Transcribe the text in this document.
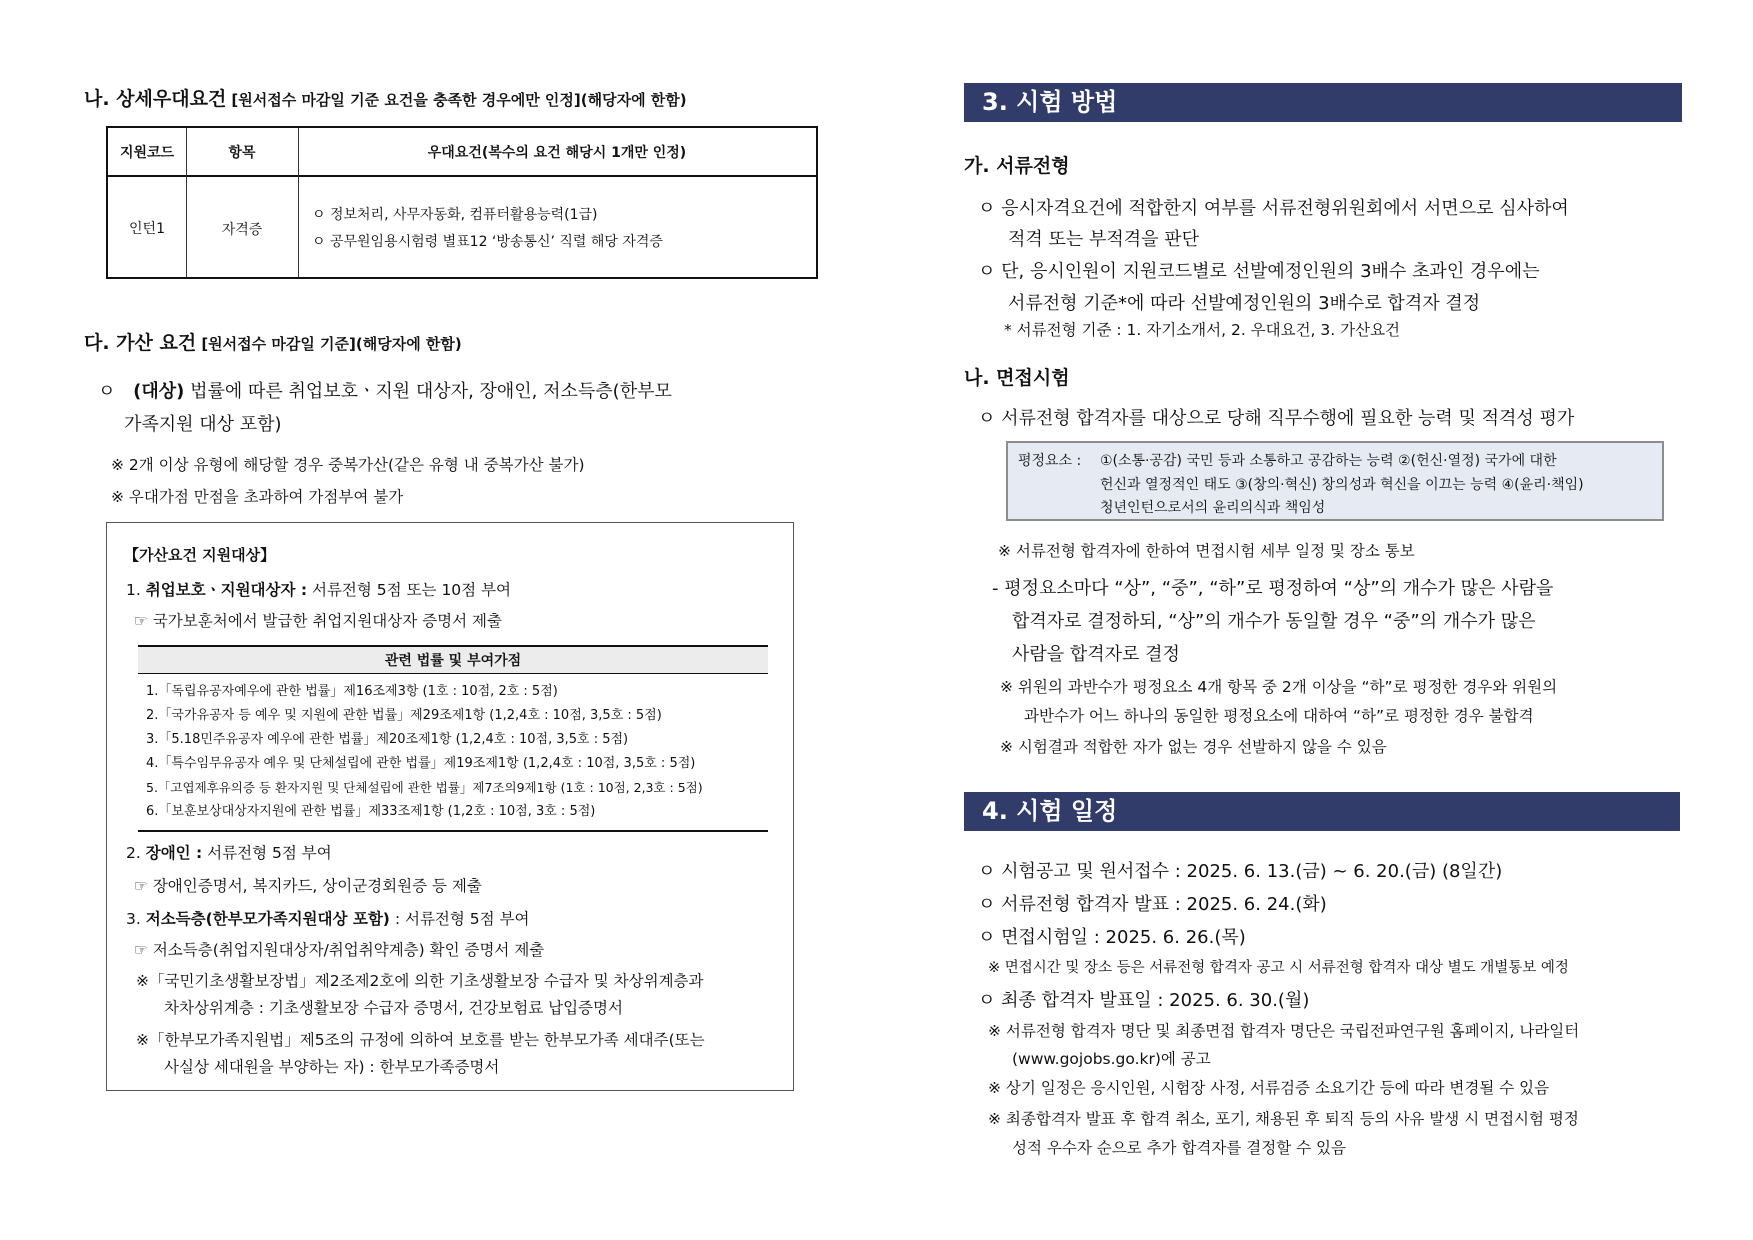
나. 상세우대요건 [원서접수 마감일 기준 요건을 충족한 경우에만 인정](해당자에 한함)
지원코드	항목	우대요건(복수의 요건 해당시 1개만 인정)
인턴1	자격증
ㅇ 정보처리, 사무자동화, 컴퓨터활용능력(1급)
ㅇ 공무원임용시험령 별표12 ‘방송통신’ 직렬 해당 자격증
다. 가산 요건 [원서접수 마감일 기준](해당자에 한함)
ㅇ (대상) 법률에 따른 취업보호ㆍ지원 대상자, 장애인, 저소득층(한부모
가족지원 대상 포함)
※ 2개 이상 유형에 해당할 경우 중복가산(같은 유형 내 중복가산 불가)
※ 우대가점 만점을 초과하여 가점부여 불가
【가산요건 지원대상】
1. 취업보호ㆍ지원대상자 : 서류전형 5점 또는 10점 부여
☞ 국가보훈처에서 발급한 취업지원대상자 증명서 제출
관련 법률 및 부여가점
1.「독립유공자예우에 관한 법률」제16조제3항 (1호 : 10점, 2호 : 5점)
2.「국가유공자 등 예우 및 지원에 관한 법률」제29조제1항 (1,2,4호 : 10점, 3,5호 : 5점)
3.「5.18민주유공자 예우에 관한 법률」제20조제1항 (1,2,4호 : 10점, 3,5호 : 5점)
4.「특수임무유공자 예우 및 단체설립에 관한 법률」제19조제1항 (1,2,4호 : 10점, 3,5호 : 5점)
5.「고엽제후유의증 등 환자지원 및 단체설립에 관한 법률」제7조의9제1항 (1호 : 10점, 2,3호 : 5점)
6.「보훈보상대상자지원에 관한 법률」제33조제1항 (1,2호 : 10점, 3호 : 5점)
2. 장애인 : 서류전형 5점 부여
☞ 장애인증명서, 복지카드, 상이군경회원증 등 제출
3. 저소득층(한부모가족지원대상 포함) : 서류전형 5점 부여
☞ 저소득층(취업지원대상자/취업취약계층) 확인 증명서 제출
※「국민기초생활보장법」제2조제2호에 의한 기초생활보장 수급자 및 차상위계층과
차차상위계층 : 기초생활보장 수급자 증명서, 건강보험료 납입증명서
※「한부모가족지원법」제5조의 규정에 의하여 보호를 받는 한부모가족 세대주(또는
사실상 세대원을 부양하는 자) : 한부모가족증명서
3. 시험 방법
가. 서류전형
ㅇ 응시자격요건에 적합한지 여부를 서류전형위원회에서 서면으로 심사하여
적격 또는 부적격을 판단
ㅇ 단, 응시인원이 지원코드별로 선발예정인원의 3배수 초과인 경우에는
서류전형 기준*에 따라 선발예정인원의 3배수로 합격자 결정
* 서류전형 기준 : 1. 자기소개서, 2. 우대요건, 3. 가산요건
나. 면접시험
ㅇ 서류전형 합격자를 대상으로 당해 직무수행에 필요한 능력 및 적격성 평가
평정요소 : ①(소통·공감) 국민 등과 소통하고 공감하는 능력 ②(헌신·열정) 국가에 대한
헌신과 열정적인 태도 ③(창의·혁신) 창의성과 혁신을 이끄는 능력 ④(윤리·책임)
청년인턴으로서의 윤리의식과 책임성
※ 서류전형 합격자에 한하여 면접시험 세부 일정 및 장소 통보
- 평정요소마다 “상”, “중”, “하”로 평정하여 “상”의 개수가 많은 사람을
합격자로 결정하되, “상”의 개수가 동일할 경우 “중”의 개수가 많은
사람을 합격자로 결정
※ 위원의 과반수가 평정요소 4개 항목 중 2개 이상을 “하”로 평정한 경우와 위원의
과반수가 어느 하나의 동일한 평정요소에 대하여 “하”로 평정한 경우 불합격
※ 시험결과 적합한 자가 없는 경우 선발하지 않을 수 있음
4. 시험 일정
ㅇ 시험공고 및 원서접수 : 2025. 6. 13.(금) ~ 6. 20.(금) (8일간)
ㅇ 서류전형 합격자 발표 : 2025. 6. 24.(화)
ㅇ 면접시험일 : 2025. 6. 26.(목)
※ 면접시간 및 장소 등은 서류전형 합격자 공고 시 서류전형 합격자 대상 별도 개별통보 예정
ㅇ 최종 합격자 발표일 : 2025. 6. 30.(월)
※ 서류전형 합격자 명단 및 최종면접 합격자 명단은 국립전파연구원 홈페이지, 나라일터
(www.gojobs.go.kr)에 공고
※ 상기 일정은 응시인원, 시험장 사정, 서류검증 소요기간 등에 따라 변경될 수 있음
※ 최종합격자 발표 후 합격 취소, 포기, 채용된 후 퇴직 등의 사유 발생 시 면접시험 평정
성적 우수자 순으로 추가 합격자를 결정할 수 있음
